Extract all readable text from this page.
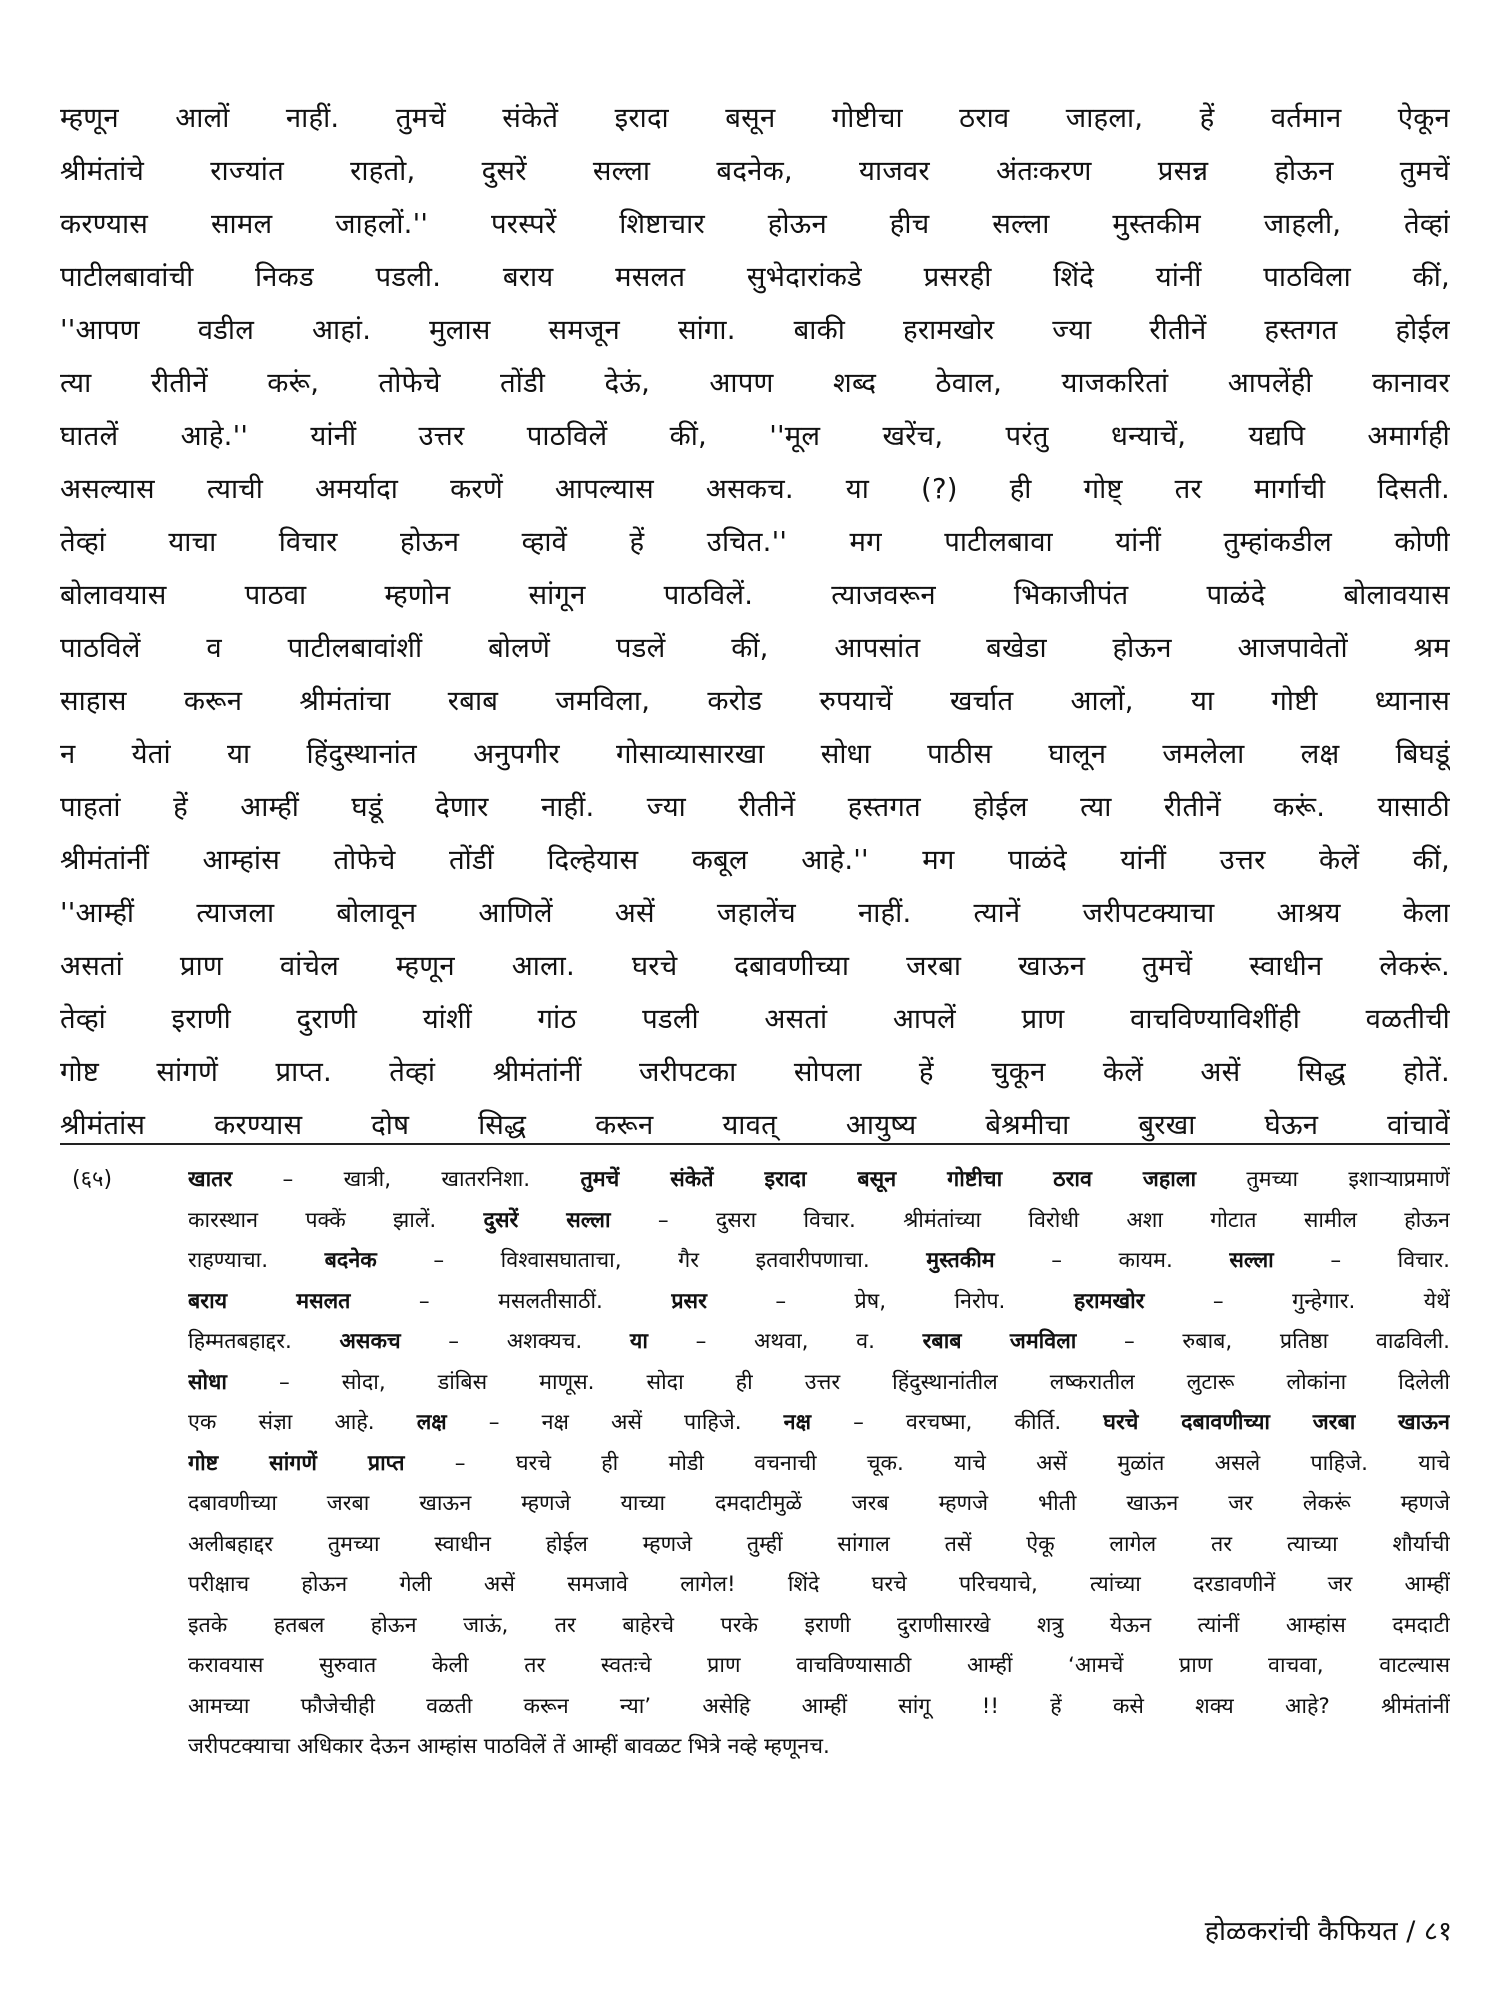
म्हणून आलों नाहीं. तुमचें संकेतें इरादा बसून गोष्टीचा ठराव जाहला, हें वर्तमान ऐकून
श्रीमंतांचे राज्यांत राहतो, दुसरें सल्ला बदनेक, याजवर अंतःकरण प्रसन्न होऊन तुमचें
करण्यास सामल जाहलों.'' परस्परें शिष्टाचार होऊन हीच सल्ला मुस्तकीम जाहली, तेव्हां
पाटीलबावांची निकड पडली. बराय मसलत सुभेदारांकडे प्रसरही शिंदे यांनीं पाठविला कीं,
''आपण वडील आहां. मुलास समजून सांगा. बाकी हरामखोर ज्या रीतीनें हस्तगत होईल
त्या रीतीनें करूं, तोफेचे तोंडी देऊं, आपण शब्द ठेवाल, याजकरितां आपलेंही कानावर
घातलें आहे.'' यांनीं उत्तर पाठविलें कीं, ''मूल खरेंच, परंतु धन्याचें, यद्यपि अमार्गही
असल्यास त्याची अमर्यादा करणें आपल्यास असकच. या (?) ही गोष्ट् तर मार्गाची दिसती.
तेव्हां याचा विचार होऊन व्हावें हें उचित.'' मग पाटीलबावा यांनीं तुम्हांकडील कोणी
बोलावयास पाठवा म्हणोन सांगून पाठविलें. त्याजवरून भिकाजीपंत पाळंदे बोलावयास
पाठविलें व पाटीलबावांशीं बोलणें पडलें कीं, आपसांत बखेडा होऊन आजपावेतों श्रम
साहास करून श्रीमंतांचा रबाब जमविला, करोड रुपयाचें खर्चात आलों, या गोष्टी ध्यानास
न येतां या हिंदुस्थानांत अनुपगीर गोसाव्यासारखा सोधा पाठीस घालून जमलेला लक्ष बिघडूं
पाहतां हें आम्हीं घडूं देणार नाहीं. ज्या रीतीनें हस्तगत होईल त्या रीतीनें करूं. यासाठी
श्रीमंतांनीं आम्हांस तोफेचे तोंडीं दिल्हेयास कबूल आहे.'' मग पाळंदे यांनीं उत्तर केलें कीं,
''आम्हीं त्याजला बोलावून आणिलें असें जहालेंच नाहीं. त्यानें जरीपटक्याचा आश्रय केला
असतां प्राण वांचेल म्हणून आला. घरचे दबावणीच्या जरबा खाऊन तुमचें स्वाधीन लेकरूं.
तेव्हां इराणी दुराणी यांशीं गांठ पडली असतां आपलें प्राण वाचविण्याविशींही वळतीची
गोष्ट सांगणें प्राप्त. तेव्हां श्रीमंतांनीं जरीपटका सोपला हें चुकून केलें असें सिद्ध होतें.
श्रीमंतांस करण्यास दोष सिद्ध करून यावत् आयुष्य बेश्रमीचा बुरखा घेऊन वांचावें
(६५)	खातर – खात्री, खातरनिशा. तुमचें संकेतें इरादा बसून गोष्टीचा ठराव जहाला तुमच्या इशाऱ्याप्रमाणें
कारस्थान पक्कें झालें. दुसरें सल्ला – दुसरा विचार. श्रीमंतांच्या विरोधी अशा गोटात सामील होऊन
राहण्याचा. बदनेक – विश्वासघाताचा, गैर इतवारीपणाचा. मुस्तकीम – कायम. सल्ला – विचार.
बराय मसलत – मसलतीसाठीं. प्रसर – प्रेष, निरोप. हरामखोर – गुन्हेगार. येथें
हिम्मतबहाद्दर. असकच – अशक्यच. या – अथवा, व. रबाब जमविला – रुबाब, प्रतिष्ठा वाढविली.
सोधा – सोदा, डांबिस माणूस. सोदा ही उत्तर हिंदुस्थानांतील लष्करातील लुटारू लोकांना दिलेली
एक संज्ञा आहे. लक्ष – नक्ष असें पाहिजे. नक्ष – वरचष्मा, कीर्ति. घरचे दबावणीच्या जरबा खाऊन
गोष्ट सांगणें प्राप्त – घरचे ही मोडी वचनाची चूक. याचे असें मुळांत असले पाहिजे. याचे
दबावणीच्या जरबा खाऊन म्हणजे याच्या दमदाटीमुळें जरब म्हणजे भीती खाऊन जर लेकरूं म्हणजे
अलीबहाद्दर तुमच्या स्वाधीन होईल म्हणजे तुम्हीं सांगाल तसें ऐकू लागेल तर त्याच्या शौर्याची
परीक्षाच होऊन गेली असें समजावे लागेल! शिंदे घरचे परिचयाचे, त्यांच्या दरडावणीनें जर आम्हीं
इतके हतबल होऊन जाऊं, तर बाहेरचे परके इराणी दुराणीसारखे शत्रु येऊन त्यांनीं आम्हांस दमदाटी
करावयास सुरुवात केली तर स्वतःचे प्राण वाचविण्यासाठी आम्हीं ‘आमचें प्राण वाचवा, वाटल्यास
आमच्या फौजेचीही वळती करून न्या’ असेहि आम्हीं सांगू !! हें कसे शक्य आहे? श्रीमंतांनीं
जरीपटक्याचा अधिकार देऊन आम्हांस पाठविलें तें आम्हीं बावळट भित्रे नव्हे म्हणूनच.
होळकरांची कैफियत / ८१
